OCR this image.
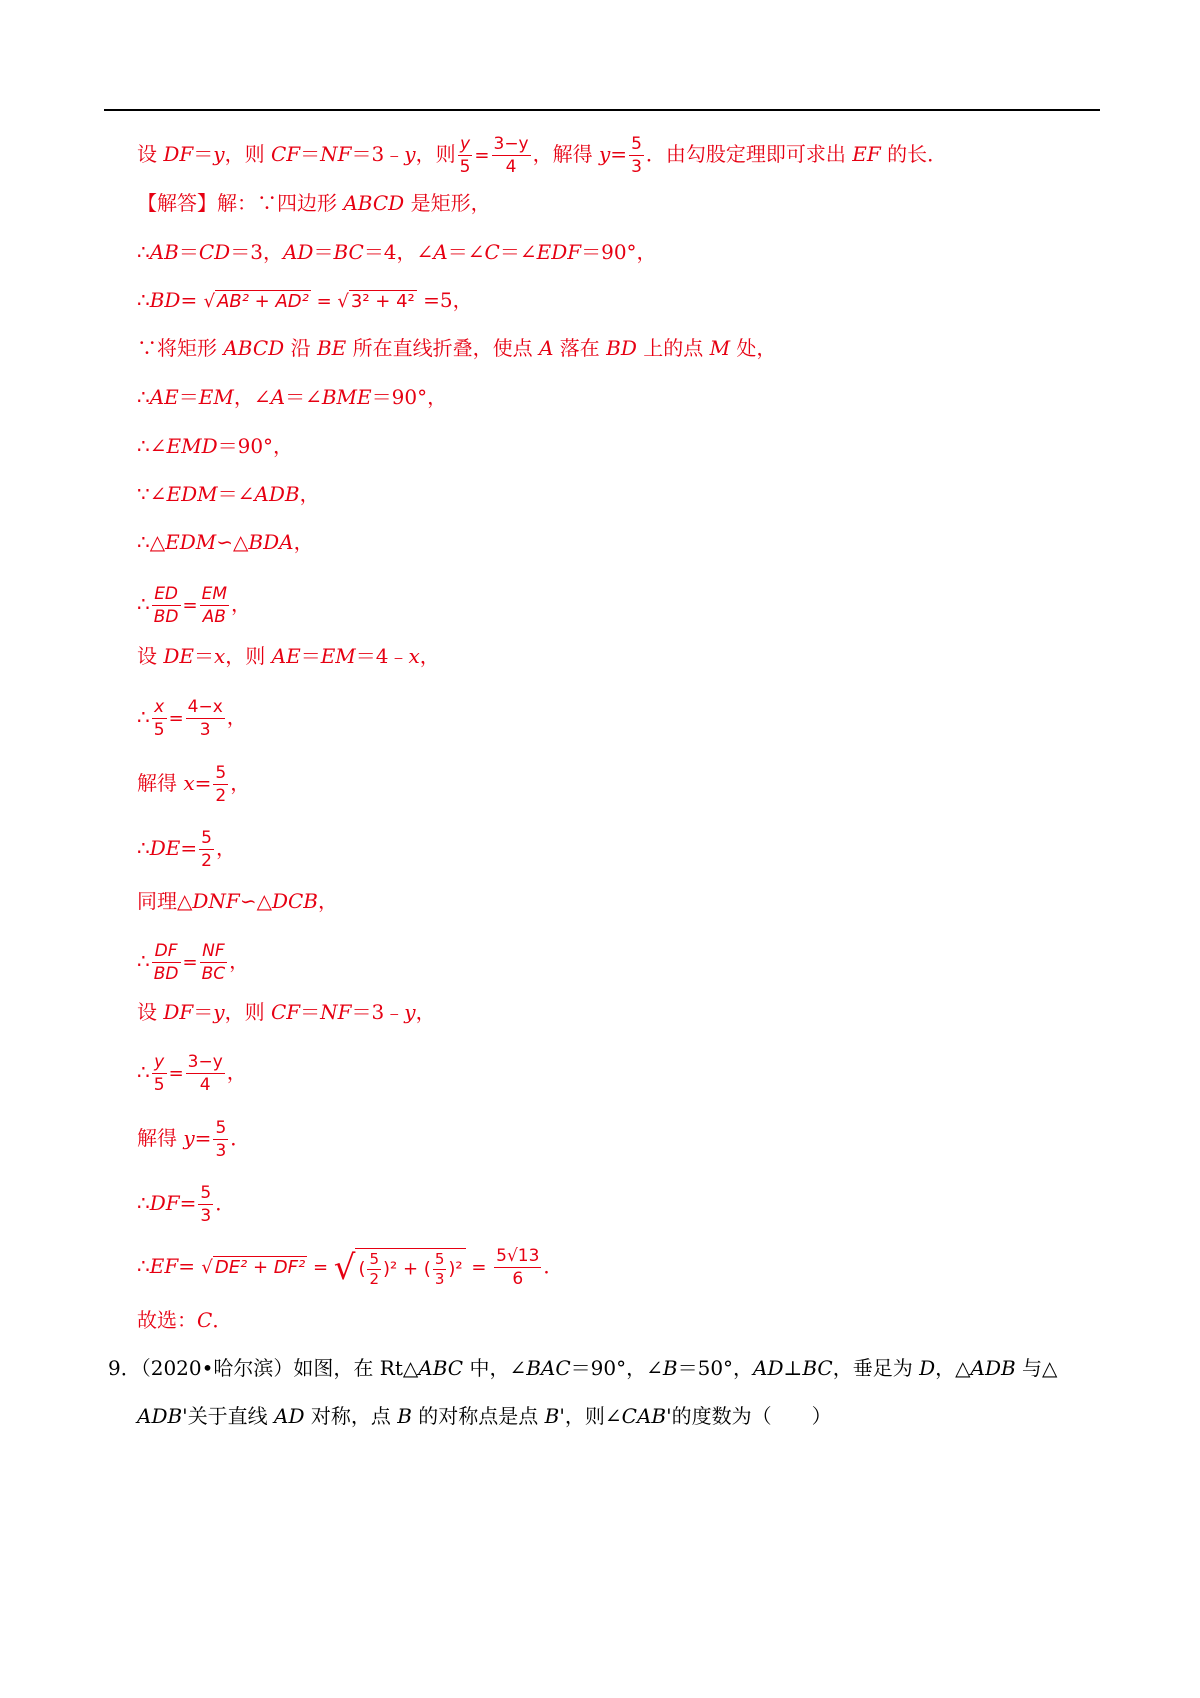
设 DF＝y，则 CF＝NF＝3﹣y，则 $\frac{y}{5} = \frac{3-y}{4}$ ，解得 $y= \frac{5}{3}$ ．由勾股定理即可求出 EF 的长．
【解答】解：∵四边形 ABCD 是矩形，
∴AB＝CD＝3，AD＝BC＝4，∠A＝∠C＝∠EDF＝90°，
∴BD= √ AB² + AD² = √ 3² + 4² =5，
∵将矩形 ABCD 沿 BE 所在直线折叠，使点 A 落在 BD 上的点 M 处，
∴AE＝EM，∠A＝∠BME＝90°，
∴∠EMD＝90°，
∵∠EDM＝∠ADB，
∴△EDM∽△BDA，
∴ $\frac{ED}{BD} = \frac{EM}{AB}$ ，
设 DE＝x，则 AE＝EM＝4﹣x，
∴ $\frac{x}{5} = \frac{4-x}{3}$ ，
解得 $x= \frac{5}{2}$ ，
∴DE= $\frac{5}{2}$ ，
同理△DNF∽△DCB，
∴ $\frac{DF}{BD} = \frac{NF}{BC}$ ，
设 DF＝y，则 CF＝NF＝3﹣y，
∴ $\frac{y}{5} = \frac{3-y}{4}$ ，
解得 $y= \frac{5}{3}$ ．
∴DF= $\frac{5}{3}$ ．
∴EF= √ DE² + DF² = √ ( $\frac{5}{2} )^2$ + ( $\frac{5}{3} )^2 = \frac{5√13}{6}$ ．
故选：C．
9．（2020•哈尔滨）如图，在 Rt△ABC 中，∠BAC＝90°，∠B＝50°，AD⊥BC，垂足为 D，△ADB 与△
ADB'关于直线 AD 对称，点 B 的对称点是点 B'，则∠CAB'的度数为（　　）
